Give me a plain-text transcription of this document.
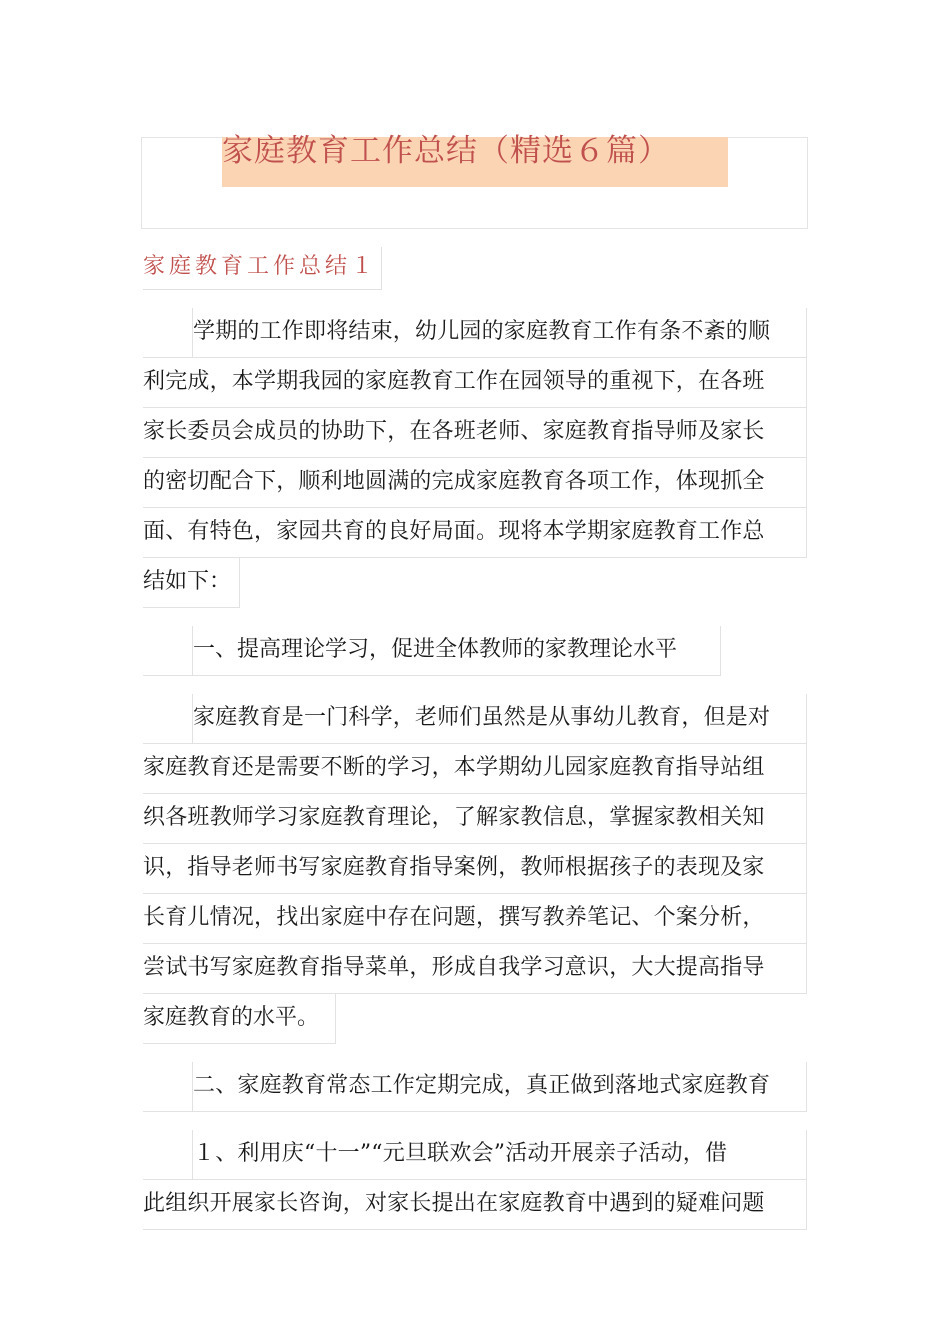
家庭教育工作总结（精选６篇）
家庭教育工作总结１
学期的工作即将结束，幼儿园的家庭教育工作有条不紊的顺
利完成，本学期我园的家庭教育工作在园领导的重视下，在各班
家长委员会成员的协助下，在各班老师、家庭教育指导师及家长
的密切配合下，顺利地圆满的完成家庭教育各项工作，体现抓全
面、有特色，家园共育的良好局面。现将本学期家庭教育工作总
结如下：
一、提高理论学习，促进全体教师的家教理论水平
家庭教育是一门科学，老师们虽然是从事幼儿教育，但是对
家庭教育还是需要不断的学习，本学期幼儿园家庭教育指导站组
织各班教师学习家庭教育理论，了解家教信息，掌握家教相关知
识，指导老师书写家庭教育指导案例，教师根据孩子的表现及家
长育儿情况，找出家庭中存在问题，撰写教养笔记、个案分析，
尝试书写家庭教育指导菜单，形成自我学习意识，大大提高指导
家庭教育的水平。
二、家庭教育常态工作定期完成，真正做到落地式家庭教育
１、利用庆“十一”“元旦联欢会”活动开展亲子活动，借
此组织开展家长咨询，对家长提出在家庭教育中遇到的疑难问题
